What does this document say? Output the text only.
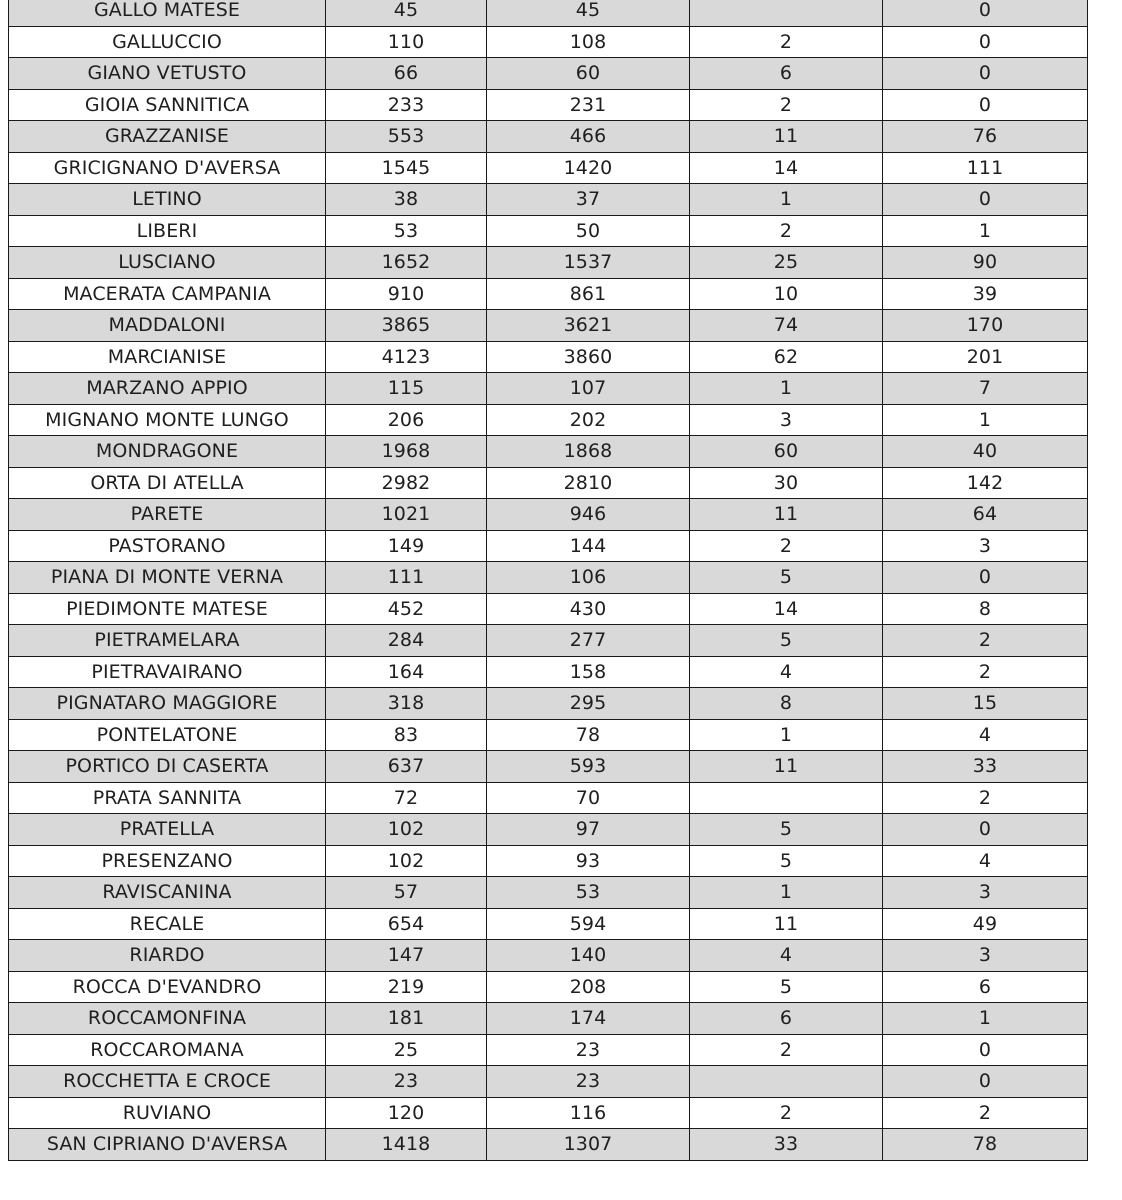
GALLO MATESE	45	45		0
GALLUCCIO	110	108	2	0
GIANO VETUSTO	66	60	6	0
GIOIA SANNITICA	233	231	2	0
GRAZZANISE	553	466	11	76
GRICIGNANO D'AVERSA	1545	1420	14	111
LETINO	38	37	1	0
LIBERI	53	50	2	1
LUSCIANO	1652	1537	25	90
MACERATA CAMPANIA	910	861	10	39
MADDALONI	3865	3621	74	170
MARCIANISE	4123	3860	62	201
MARZANO APPIO	115	107	1	7
MIGNANO MONTE LUNGO	206	202	3	1
MONDRAGONE	1968	1868	60	40
ORTA DI ATELLA	2982	2810	30	142
PARETE	1021	946	11	64
PASTORANO	149	144	2	3
PIANA DI MONTE VERNA	111	106	5	0
PIEDIMONTE MATESE	452	430	14	8
PIETRAMELARA	284	277	5	2
PIETRAVAIRANO	164	158	4	2
PIGNATARO MAGGIORE	318	295	8	15
PONTELATONE	83	78	1	4
PORTICO DI CASERTA	637	593	11	33
PRATA SANNITA	72	70		2
PRATELLA	102	97	5	0
PRESENZANO	102	93	5	4
RAVISCANINA	57	53	1	3
RECALE	654	594	11	49
RIARDO	147	140	4	3
ROCCA D'EVANDRO	219	208	5	6
ROCCAMONFINA	181	174	6	1
ROCCAROMANA	25	23	2	0
ROCCHETTA E CROCE	23	23		0
RUVIANO	120	116	2	2
SAN CIPRIANO D'AVERSA	1418	1307	33	78
